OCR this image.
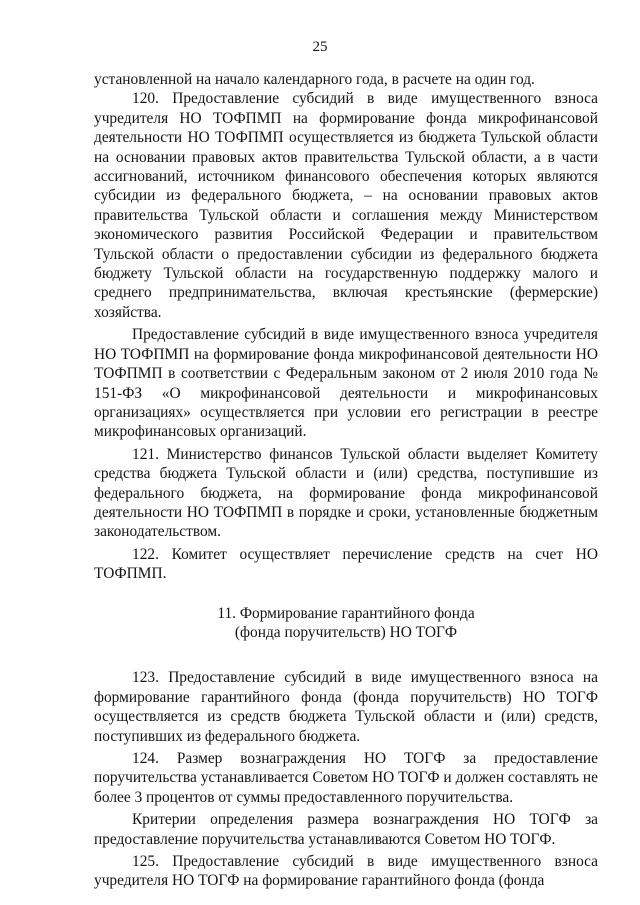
25

установленной на начало календарного года, в расчете на один год.

120. Предоставление субсидий в виде имущественного взноса учредителя НО ТОФПМП на формирование фонда микрофинансовой деятельности НО ТОФПМП осуществляется из бюджета Тульской области на основании правовых актов правительства Тульской области, а в части ассигнований, источником финансового обеспечения которых являются субсидии из федерального бюджета, – на основании правовых актов правительства Тульской области и соглашения между Министерством экономического развития Российской Федерации и правительством Тульской области о предоставлении субсидии из федерального бюджета бюджету Тульской области на государственную поддержку малого и среднего предпринимательства, включая крестьянские (фермерские) хозяйства.

Предоставление субсидий в виде имущественного взноса учредителя НО ТОФПМП на формирование фонда микрофинансовой деятельности НО ТОФПМП в соответствии с Федеральным законом от 2 июля 2010 года № 151-ФЗ «О микрофинансовой деятельности и микрофинансовых организациях» осуществляется при условии его регистрации в реестре микрофинансовых организаций.

121. Министерство финансов Тульской области выделяет Комитету средства бюджета Тульской области и (или) средства, поступившие из федерального бюджета, на формирование фонда микрофинансовой деятельности НО ТОФПМП в порядке и сроки, установленные бюджетным законодательством.

122. Комитет осуществляет перечисление средств на счет НО ТОФПМП.

11. Формирование гарантийного фонда
(фонда поручительств) НО ТОГФ

123. Предоставление субсидий в виде имущественного взноса на формирование гарантийного фонда (фонда поручительств) НО ТОГФ осуществляется из средств бюджета Тульской области и (или) средств, поступивших из федерального бюджета.

124. Размер вознаграждения НО ТОГФ за предоставление поручительства устанавливается Советом НО ТОГФ и должен составлять не более 3 процентов от суммы предоставленного поручительства.

Критерии определения размера вознаграждения НО ТОГФ за предоставление поручительства устанавливаются Советом НО ТОГФ.

125. Предоставление субсидий в виде имущественного взноса учредителя НО ТОГФ на формирование гарантийного фонда (фонда
